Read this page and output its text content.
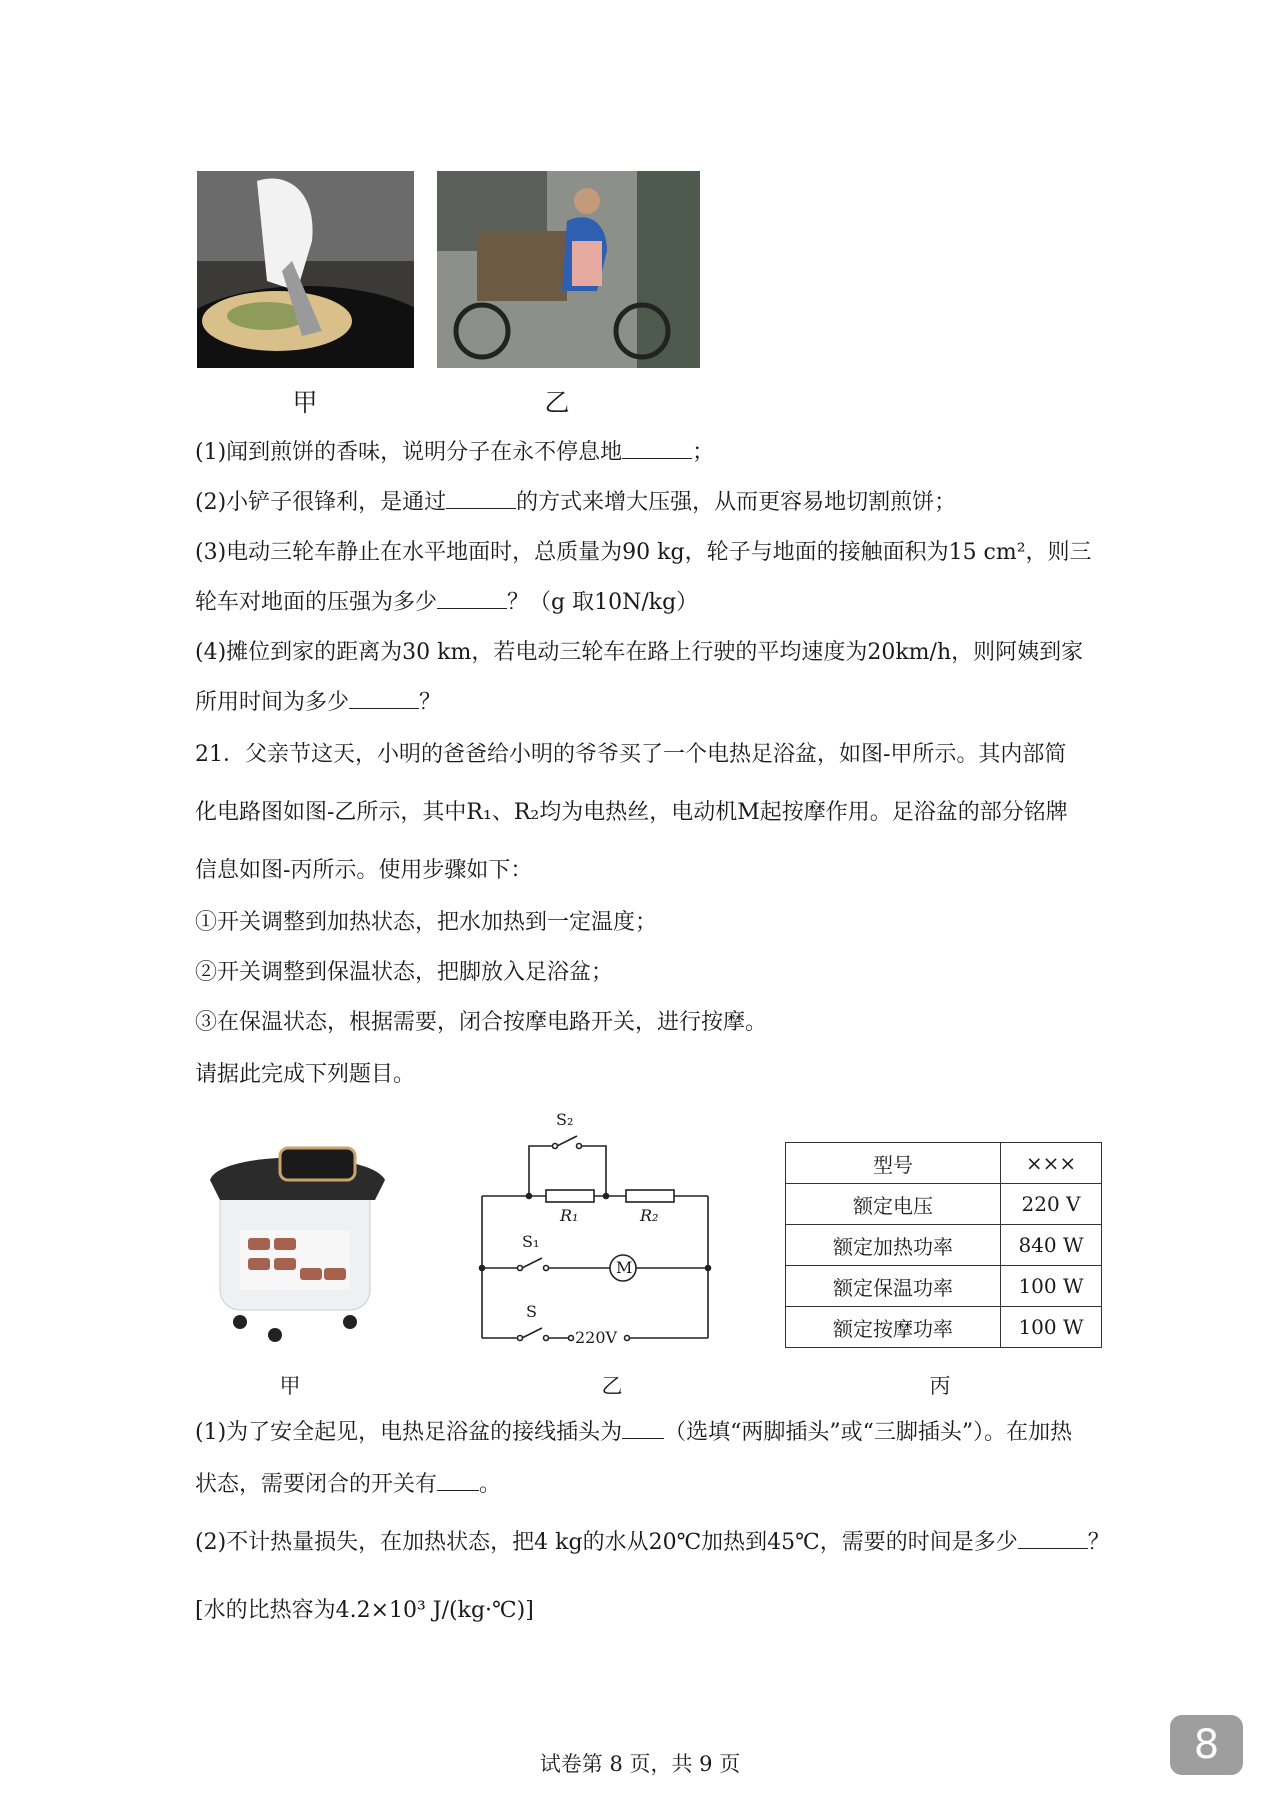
甲	乙
(1)闻到煎饼的香味，说明分子在永不停息地	；
(2)小铲子很锋利，是通过	的方式来增大压强，从而更容易地切割煎饼；
(3)电动三轮车静止在水平地面时，总质量为90 kg，轮子与地面的接触面积为15 cm²，则三
轮车对地面的压强为多少	？（g 取10N/kg）
(4)摊位到家的距离为30 km，若电动三轮车在路上行驶的平均速度为20km/h，则阿姨到家
所用时间为多少	？
21．父亲节这天，小明的爸爸给小明的爷爷买了一个电热足浴盆，如图-甲所示。其内部简
化电路图如图-乙所示，其中R₁、R₂均为电热丝，电动机M起按摩作用。足浴盆的部分铭牌
信息如图-丙所示。使用步骤如下：
①开关调整到加热状态，把水加热到一定温度；
②开关调整到保温状态，把脚放入足浴盆；
③在保温状态，根据需要，闭合按摩电路开关，进行按摩。
请据此完成下列题目。
S₂
R₁	R₂
S₁
M
S
220V
型号	×××
额定电压	220 V
额定加热功率	840 W
额定保温功率	100 W
额定按摩功率	100 W
甲	乙	丙
(1)为了安全起见，电热足浴盆的接线插头为 （选填“两脚插头”或“三脚插头”）。在加热
状态，需要闭合的开关有 。
(2)不计热量损失，在加热状态，把4 kg的水从20℃加热到45℃，需要的时间是多少	？
[水的比热容为4.2×10³ J/(kg·℃)]
试卷第 8 页，共 9 页	8
